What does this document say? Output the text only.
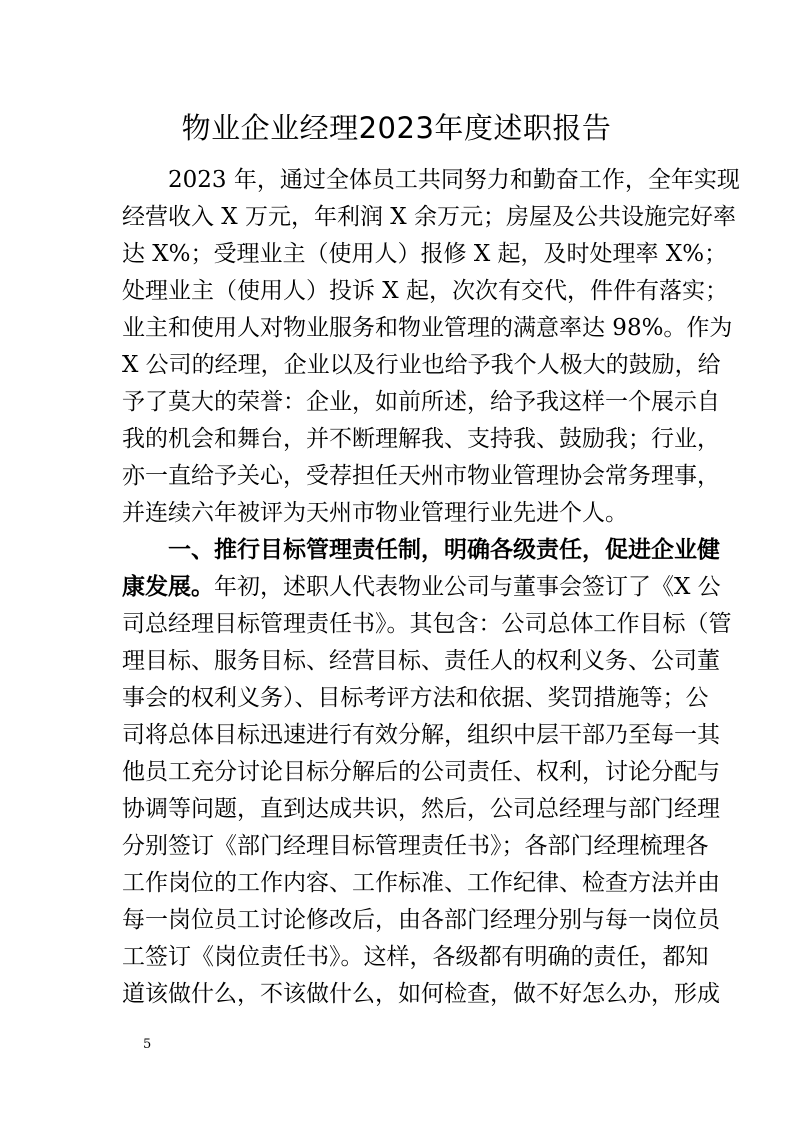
物业企业经理2023年度述职报告
2023 年，通过全体员工共同努力和勤奋工作，全年实现
经营收入 X 万元，年利润 X 余万元；房屋及公共设施完好率
达 X%；受理业主（使用人）报修 X 起，及时处理率 X%；
处理业主（使用人）投诉 X 起，次次有交代，件件有落实；
业主和使用人对物业服务和物业管理的满意率达 98%。作为
X 公司的经理，企业以及行业也给予我个人极大的鼓励，给
予了莫大的荣誉：企业，如前所述，给予我这样一个展示自
我的机会和舞台，并不断理解我、支持我、鼓励我；行业，
亦一直给予关心，受荐担任天州市物业管理协会常务理事，
并连续六年被评为天州市物业管理行业先进个人。
一、推行目标管理责任制，明确各级责任，促进企业健
康发展。年初，述职人代表物业公司与董事会签订了《X 公
司总经理目标管理责任书》。其包含：公司总体工作目标（管
理目标、服务目标、经营目标、责任人的权利义务、公司董
事会的权利义务）、目标考评方法和依据、奖罚措施等；公
司将总体目标迅速进行有效分解，组织中层干部乃至每一其
他员工充分讨论目标分解后的公司责任、权利，讨论分配与
协调等问题，直到达成共识，然后，公司总经理与部门经理
分别签订《部门经理目标管理责任书》；各部门经理梳理各
工作岗位的工作内容、工作标准、工作纪律、检查方法并由
每一岗位员工讨论修改后，由各部门经理分别与每一岗位员
工签订《岗位责任书》。这样，各级都有明确的责任，都知
道该做什么，不该做什么，如何检查，做不好怎么办，形成
5
